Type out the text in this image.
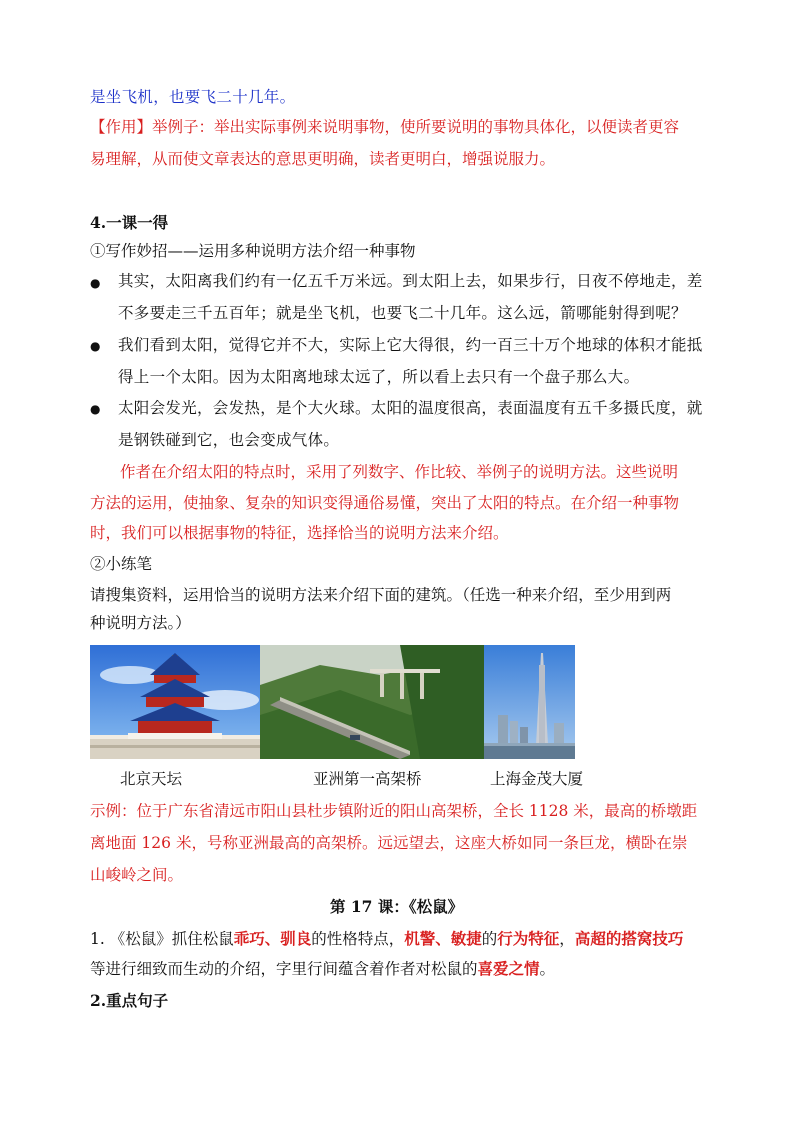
是坐飞机，也要飞二十几年。
【作用】举例子：举出实际事例来说明事物，使所要说明的事物具体化，以便读者更容
易理解，从而使文章表达的意思更明确，读者更明白，增强说服力。
4.一课一得
①写作妙招——运用多种说明方法介绍一种事物
● 其实，太阳离我们约有一亿五千万米远。到太阳上去，如果步行，日夜不停地走，差
不多要走三千五百年；就是坐飞机，也要飞二十几年。这么远，箭哪能射得到呢？
● 我们看到太阳，觉得它并不大，实际上它大得很，约一百三十万个地球的体积才能抵
得上一个太阳。因为太阳离地球太远了，所以看上去只有一个盘子那么大。
● 太阳会发光，会发热，是个大火球。太阳的温度很高，表面温度有五千多摄氏度，就
是钢铁碰到它，也会变成气体。
作者在介绍太阳的特点时，采用了列数字、作比较、举例子的说明方法。这些说明
方法的运用，使抽象、复杂的知识变得通俗易懂，突出了太阳的特点。在介绍一种事物
时，我们可以根据事物的特征，选择恰当的说明方法来介绍。
②小练笔
请搜集资料，运用恰当的说明方法来介绍下面的建筑。（任选一种来介绍，至少用到两
种说明方法。）
北京天坛	亚洲第一高架桥	上海金茂大厦
示例：位于广东省清远市阳山县杜步镇附近的阳山高架桥，全长 1128 米，最高的桥墩距
离地面 126 米，号称亚洲最高的高架桥。远远望去，这座大桥如同一条巨龙，横卧在崇
山峻岭之间。
第 17 课：《松鼠》
1. 《松鼠》抓住松鼠乖巧、驯良的性格特点，机警、敏捷的行为特征，高超的搭窝技巧
等进行细致而生动的介绍，字里行间蕴含着作者对松鼠的喜爱之情。
2.重点句子
